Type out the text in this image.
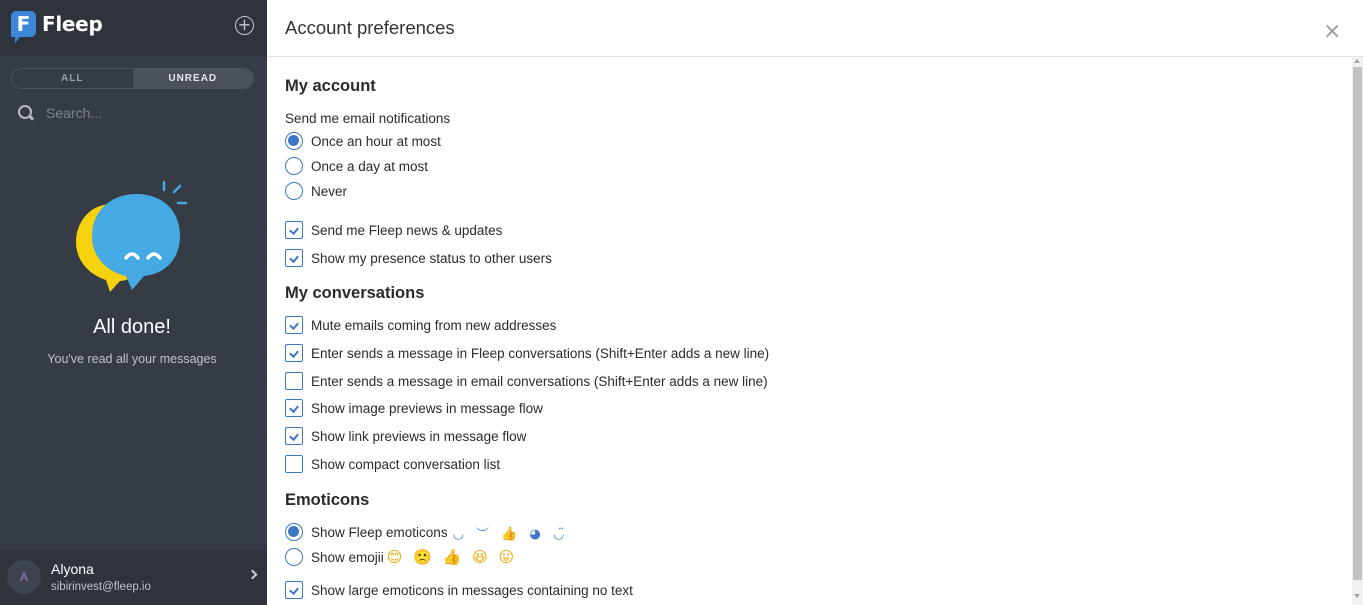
F Fleep	+
ALL	UNREAD
Search...
All done!
You've read all your messages
A	Alyona
sibirinvest@fleep.io
Account preferences	×
My account
Send me email notifications
Once an hour at most
Once a day at most
Never
Send me Fleep news & updates
Show my presence status to other users
My conversations
Mute emails coming from new addresses
Enter sends a message in Fleep conversations (Shift+Enter adds a new line)
Enter sends a message in email conversations (Shift+Enter adds a new line)
Show image previews in message flow
Show link previews in message flow
Show compact conversation list
Emoticons
Show Fleep emoticons ◡ ︶ 👍 ◕ ◡̈
Show emojii 😊 🙁 👍 😆 😛
Show large emoticons in messages containing no text
